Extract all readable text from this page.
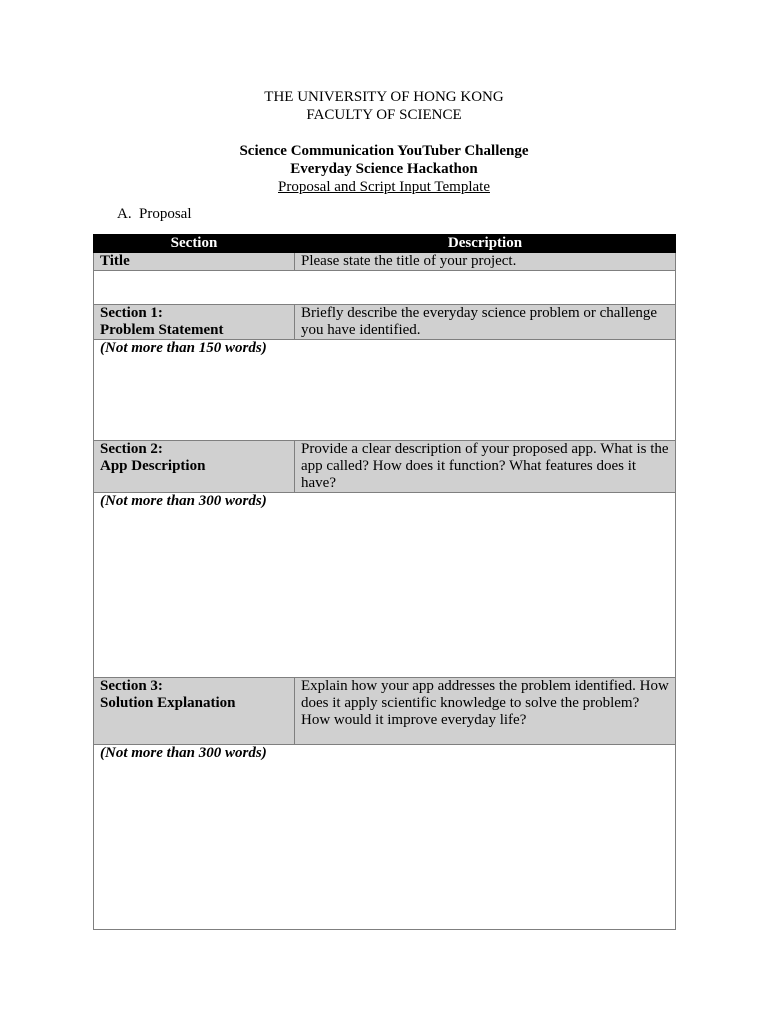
THE UNIVERSITY OF HONG KONG
FACULTY OF SCIENCE
Science Communication YouTuber Challenge
Everyday Science Hackathon
Proposal and Script Input Template
A. Proposal
Section	Description
Title	Please state the title of your project.

Section 1:
Problem Statement	Briefly describe the everyday science problem or challenge you have identified.
(Not more than 150 words)	

Section 2:
App Description	Provide a clear description of your proposed app. What is the app called? How does it function? What features does it have?
(Not more than 300 words)	

Section 3:
Solution Explanation	Explain how your app addresses the problem identified. How does it apply scientific knowledge to solve the problem? How would it improve everyday life?
(Not more than 300 words)	
